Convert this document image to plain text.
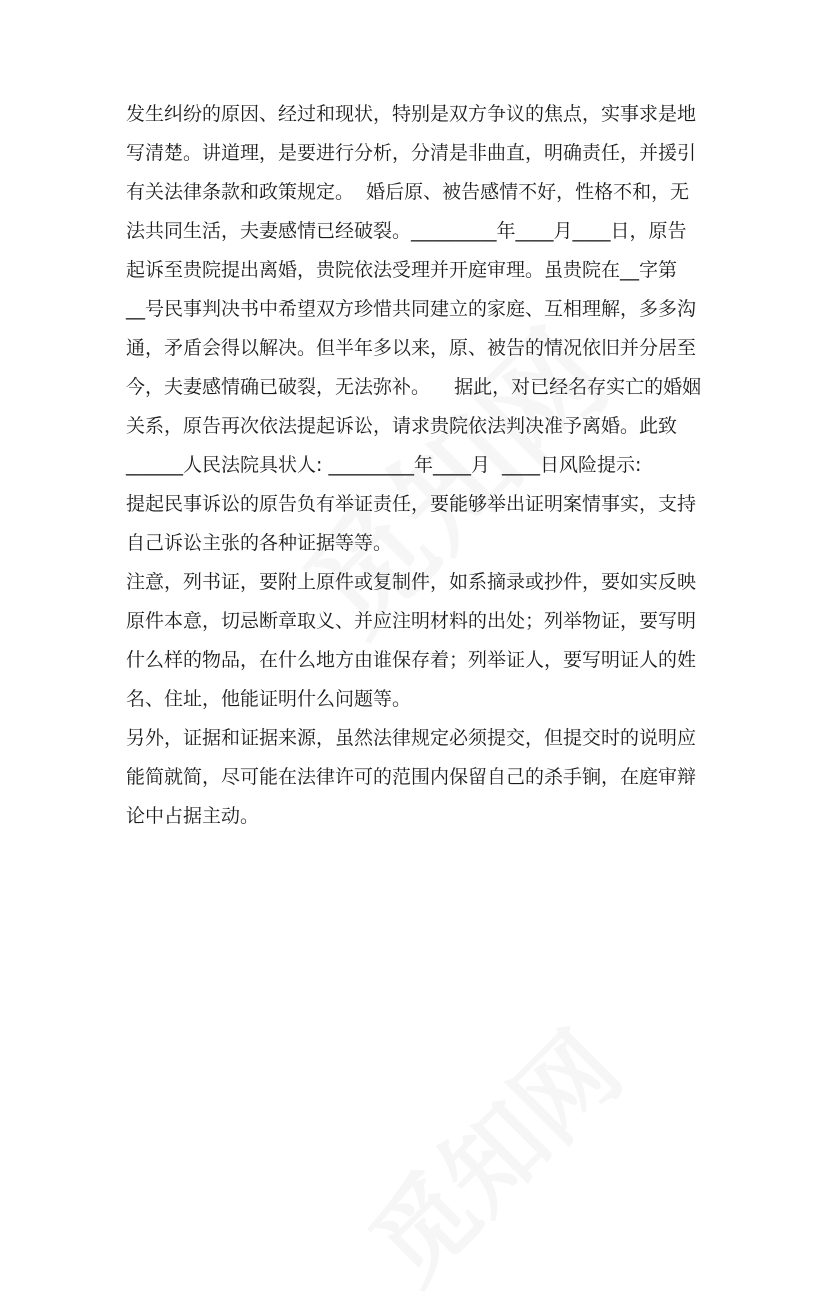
发生纠纷的原因、经过和现状，特别是双方争议的焦点，实事求是地
写清楚。讲道理，是要进行分析，分清是非曲直，明确责任，并援引
有关法律条款和政策规定。  婚后原、被告感情不好，性格不和，无
法共同生活，夫妻感情已经破裂。_________年____月____日，原告
起诉至贵院提出离婚，贵院依法受理并开庭审理。虽贵院在__字第
__号民事判决书中希望双方珍惜共同建立的家庭、互相理解，多多沟
通，矛盾会得以解决。但半年多以来，原、被告的情况依旧并分居至
今，夫妻感情确已破裂，无法弥补。    据此，对已经名存实亡的婚姻
关系，原告再次依法提起诉讼，请求贵院依法判决准予离婚。此致
______人民法院具状人: _________年____月  ____日风险提示:
提起民事诉讼的原告负有举证责任，要能够举出证明案情事实，支持
自己诉讼主张的各种证据等等。
注意，列书证，要附上原件或复制件，如系摘录或抄件，要如实反映
原件本意，切忌断章取义、并应注明材料的出处；列举物证，要写明
什么样的物品，在什么地方由谁保存着；列举证人，要写明证人的姓
名、住址，他能证明什么问题等。
另外，证据和证据来源，虽然法律规定必须提交，但提交时的说明应
能简就简，尽可能在法律许可的范围内保留自己的杀手锏，在庭审辩
论中占据主动。
